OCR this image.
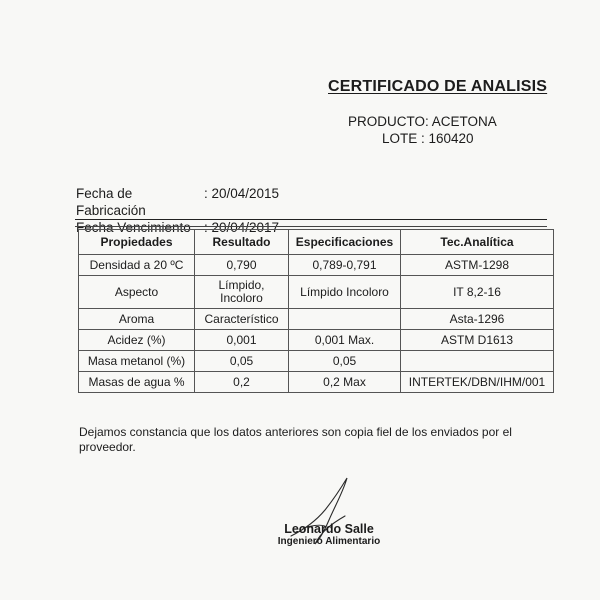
CERTIFICADO DE ANALISIS
PRODUCTO: ACETONA
LOTE : 160420
Fecha de Fabricación
: 20/04/2015
Fecha Vencimiento : 20/04/2017
Propiedades	Resultado	Especificaciones	Tec.Analítica
Densidad a 20 ºC	0,790	0,789-0,791	ASTM-1298
Aspecto	Límpido, Incoloro	Límpido Incoloro	IT 8,2-16
Aroma	Característico		Asta-1296
Acidez (%)	0,001	0,001 Max.	ASTM D1613
Masa metanol (%)	0,05	0,05	
Masas de agua %	0,2	0,2 Max	INTERTEK/DBN/IHM/001
Dejamos constancia que los datos anteriores son copia fiel de los enviados por el proveedor.
Leonardo Salle
Ingeniero Alimentario
